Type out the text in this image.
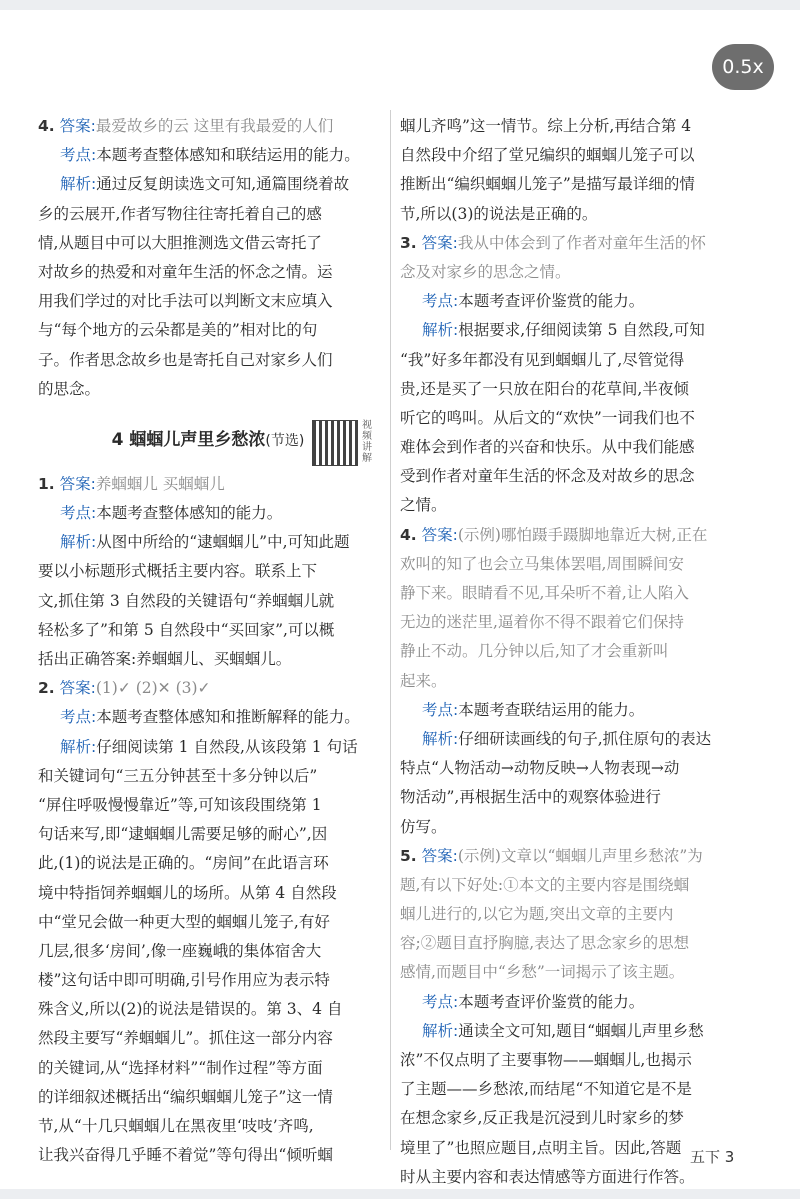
0.5x
4. 答案:最爱故乡的云 这里有我最爱的人们
考点:本题考查整体感知和联结运用的能力。
解析:通过反复朗读选文可知,通篇围绕着故
乡的云展开,作者写物往往寄托着自己的感
情,从题目中可以大胆推测选文借云寄托了
对故乡的热爱和对童年生活的怀念之情。运
用我们学过的对比手法可以判断文末应填入
与“每个地方的云朵都是美的”相对比的句
子。作者思念故乡也是寄托自己对家乡人们
的思念。
4 蝈蝈儿声里乡愁浓(节选)
视频讲解
1. 答案:养蝈蝈儿 买蝈蝈儿
考点:本题考查整体感知的能力。
解析:从图中所给的“逮蝈蝈儿”中,可知此题
要以小标题形式概括主要内容。联系上下
文,抓住第 3 自然段的关键语句“养蝈蝈儿就
轻松多了”和第 5 自然段中“买回家”,可以概
括出正确答案:养蝈蝈儿、买蝈蝈儿。
2. 答案:(1)✓ (2)✕ (3)✓
考点:本题考查整体感知和推断解释的能力。
解析:仔细阅读第 1 自然段,从该段第 1 句话
和关键词句“三五分钟甚至十多分钟以后”
“屏住呼吸慢慢靠近”等,可知该段围绕第 1
句话来写,即“逮蝈蝈儿需要足够的耐心”,因
此,(1)的说法是正确的。“房间”在此语言环
境中特指饲养蝈蝈儿的场所。从第 4 自然段
中“堂兄会做一种更大型的蝈蝈儿笼子,有好
几层,很多‘房间’,像一座巍峨的集体宿舍大
楼”这句话中即可明确,引号作用应为表示特
殊含义,所以(2)的说法是错误的。第 3、4 自
然段主要写“养蝈蝈儿”。抓住这一部分内容
的关键词,从“选择材料”“制作过程”等方面
的详细叙述概括出“编织蝈蝈儿笼子”这一情
节,从“十几只蝈蝈儿在黑夜里‘吱吱’齐鸣,
让我兴奋得几乎睡不着觉”等句得出“倾听蝈
蝈儿齐鸣”这一情节。综上分析,再结合第 4
自然段中介绍了堂兄编织的蝈蝈儿笼子可以
推断出“编织蝈蝈儿笼子”是描写最详细的情
节,所以(3)的说法是正确的。
3. 答案:我从中体会到了作者对童年生活的怀
念及对家乡的思念之情。
考点:本题考查评价鉴赏的能力。
解析:根据要求,仔细阅读第 5 自然段,可知
“我”好多年都没有见到蝈蝈儿了,尽管觉得
贵,还是买了一只放在阳台的花草间,半夜倾
听它的鸣叫。从后文的“欢快”一词我们也不
难体会到作者的兴奋和快乐。从中我们能感
受到作者对童年生活的怀念及对故乡的思念
之情。
4. 答案:(示例)哪怕蹑手蹑脚地靠近大树,正在
欢叫的知了也会立马集体罢唱,周围瞬间安
静下来。眼睛看不见,耳朵听不着,让人陷入
无边的迷茫里,逼着你不得不跟着它们保持
静止不动。几分钟以后,知了才会重新叫
起来。
考点:本题考查联结运用的能力。
解析:仔细研读画线的句子,抓住原句的表达
特点“人物活动→动物反映→人物表现→动
物活动”,再根据生活中的观察体验进行
仿写。
5. 答案:(示例)文章以“蝈蝈儿声里乡愁浓”为
题,有以下好处:①本文的主要内容是围绕蝈
蝈儿进行的,以它为题,突出文章的主要内
容;②题目直抒胸臆,表达了思念家乡的思想
感情,而题目中“乡愁”一词揭示了该主题。
考点:本题考查评价鉴赏的能力。
解析:通读全文可知,题目“蝈蝈儿声里乡愁
浓”不仅点明了主要事物——蝈蝈儿,也揭示
了主题——乡愁浓,而结尾“不知道它是不是
在想念家乡,反正我是沉浸到儿时家乡的梦
境里了”也照应题目,点明主旨。因此,答题
时从主要内容和表达情感等方面进行作答。
五下 3
